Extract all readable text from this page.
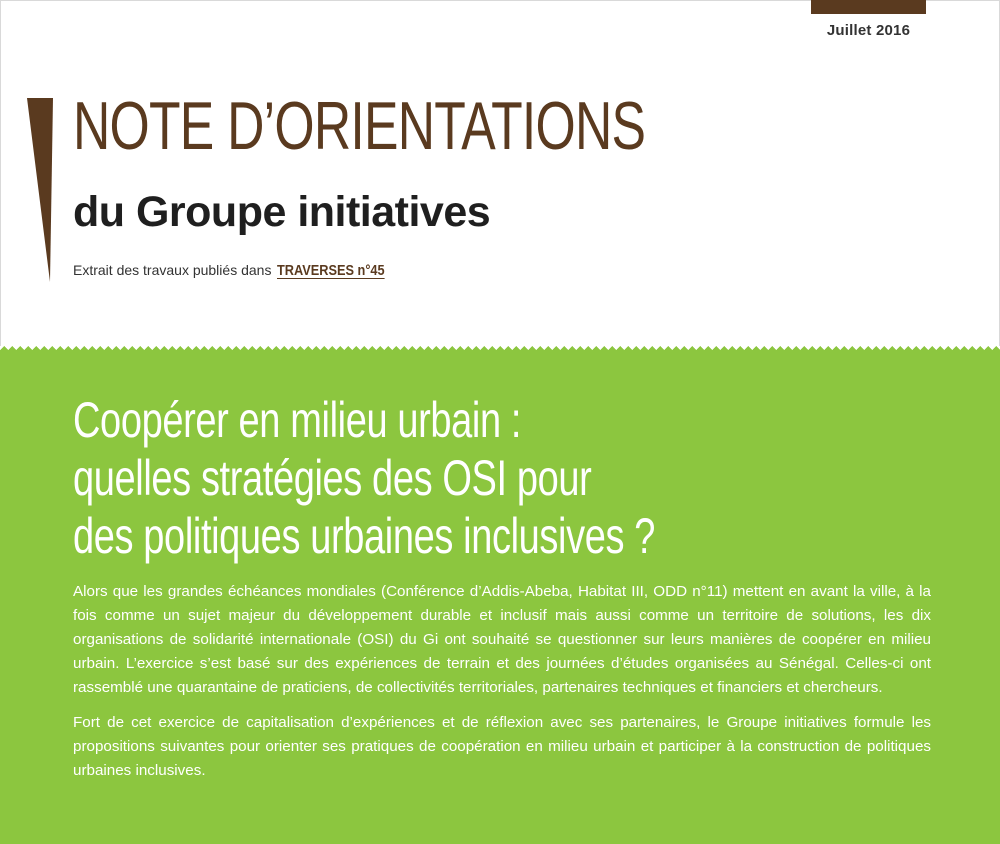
Juillet 2016
NOTE D’ORIENTATIONS
du Groupe initiatives
Extrait des travaux publiés dans TRAVERSES n°45
Coopérer en milieu urbain :
quelles stratégies des OSI pour
des politiques urbaines inclusives ?

Alors que les grandes échéances mondiales (Conférence d’Addis-Abeba, Habitat III, ODD n°11) mettent en avant la ville, à la fois comme un sujet majeur du développement durable et inclusif mais aussi comme un territoire de solutions, les dix organisations de solidarité internationale (OSI) du Gi ont souhaité se questionner sur leurs manières de coopérer en milieu urbain. L’exercice s’est basé sur des expériences de terrain et des journées d’études organisées au Sénégal. Celles-ci ont rassemblé une quarantaine de praticiens, de collectivités territoriales, partenaires techniques et financiers et chercheurs.

Fort de cet exercice de capitalisation d’expériences et de réflexion avec ses partenaires, le Groupe initiatives formule les propositions suivantes pour orienter ses pratiques de coopération en milieu urbain et participer à la construction de politiques urbaines inclusives.
